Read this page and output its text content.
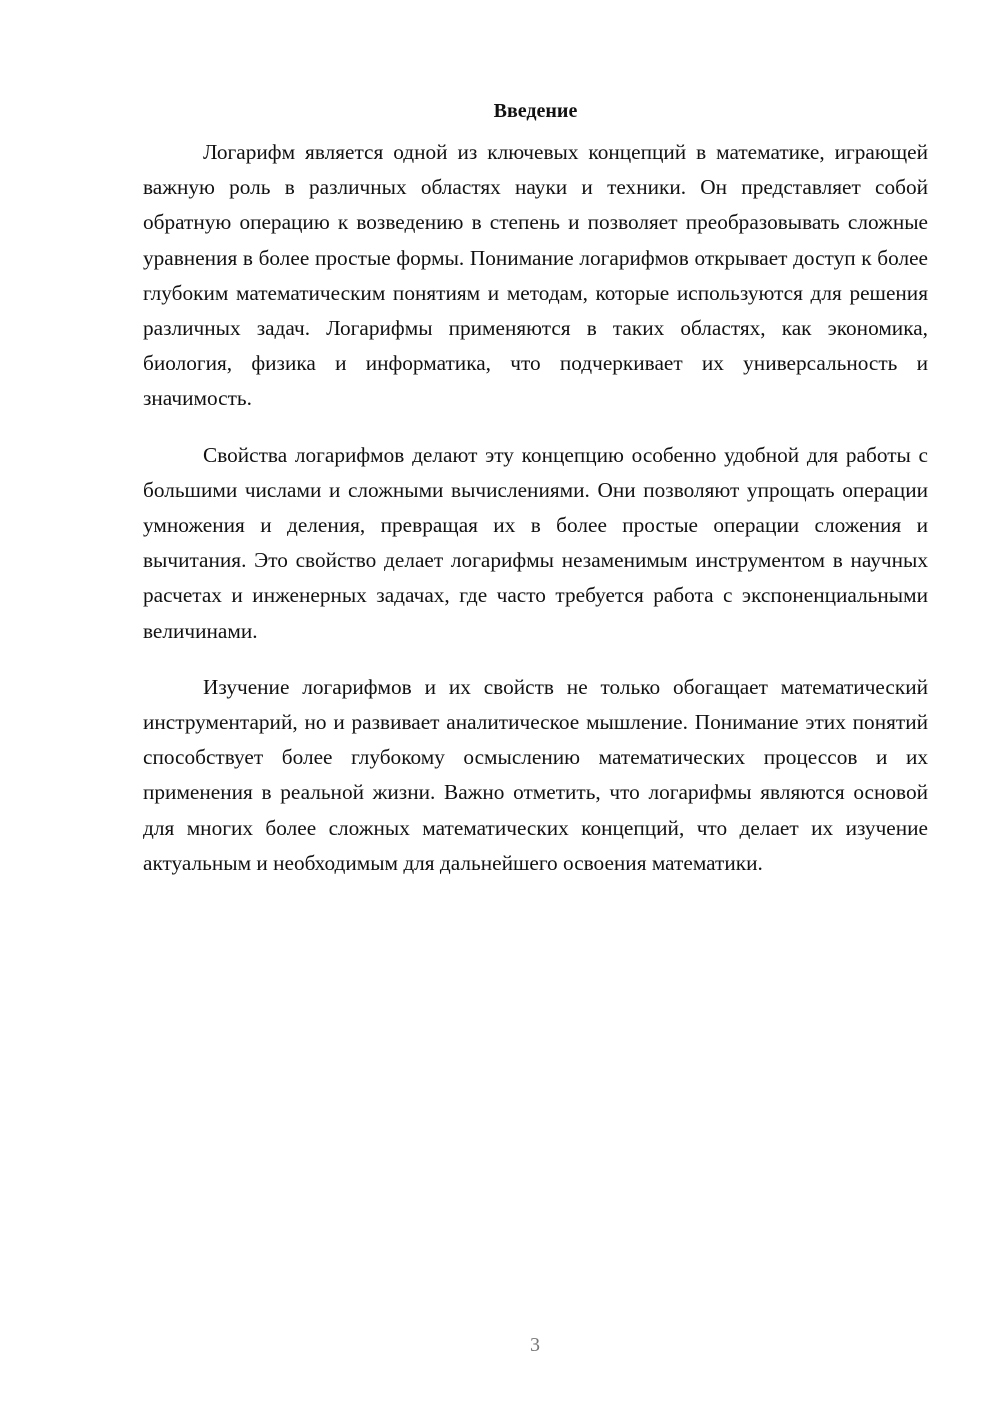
Введение

Логарифм является одной из ключевых концепций в математике, играющей важную роль в различных областях науки и техники. Он представляет собой обратную операцию к возведению в степень и позволяет преобразовывать сложные уравнения в более простые формы. Понимание логарифмов открывает доступ к более глубоким математическим понятиям и методам, которые используются для решения различных задач. Логарифмы применяются в таких областях, как экономика, биология, физика и информатика, что подчеркивает их универсальность и значимость.

Свойства логарифмов делают эту концепцию особенно удобной для работы с большими числами и сложными вычислениями. Они позволяют упрощать операции умножения и деления, превращая их в более простые операции сложения и вычитания. Это свойство делает логарифмы незаменимым инструментом в научных расчетах и инженерных задачах, где часто требуется работа с экспоненциальными величинами.

Изучение логарифмов и их свойств не только обогащает математический инструментарий, но и развивает аналитическое мышление. Понимание этих понятий способствует более глубокому осмыслению математических процессов и их применения в реальной жизни. Важно отметить, что логарифмы являются основой для многих более сложных математических концепций, что делает их изучение актуальным и необходимым для дальнейшего освоения математики.

3
